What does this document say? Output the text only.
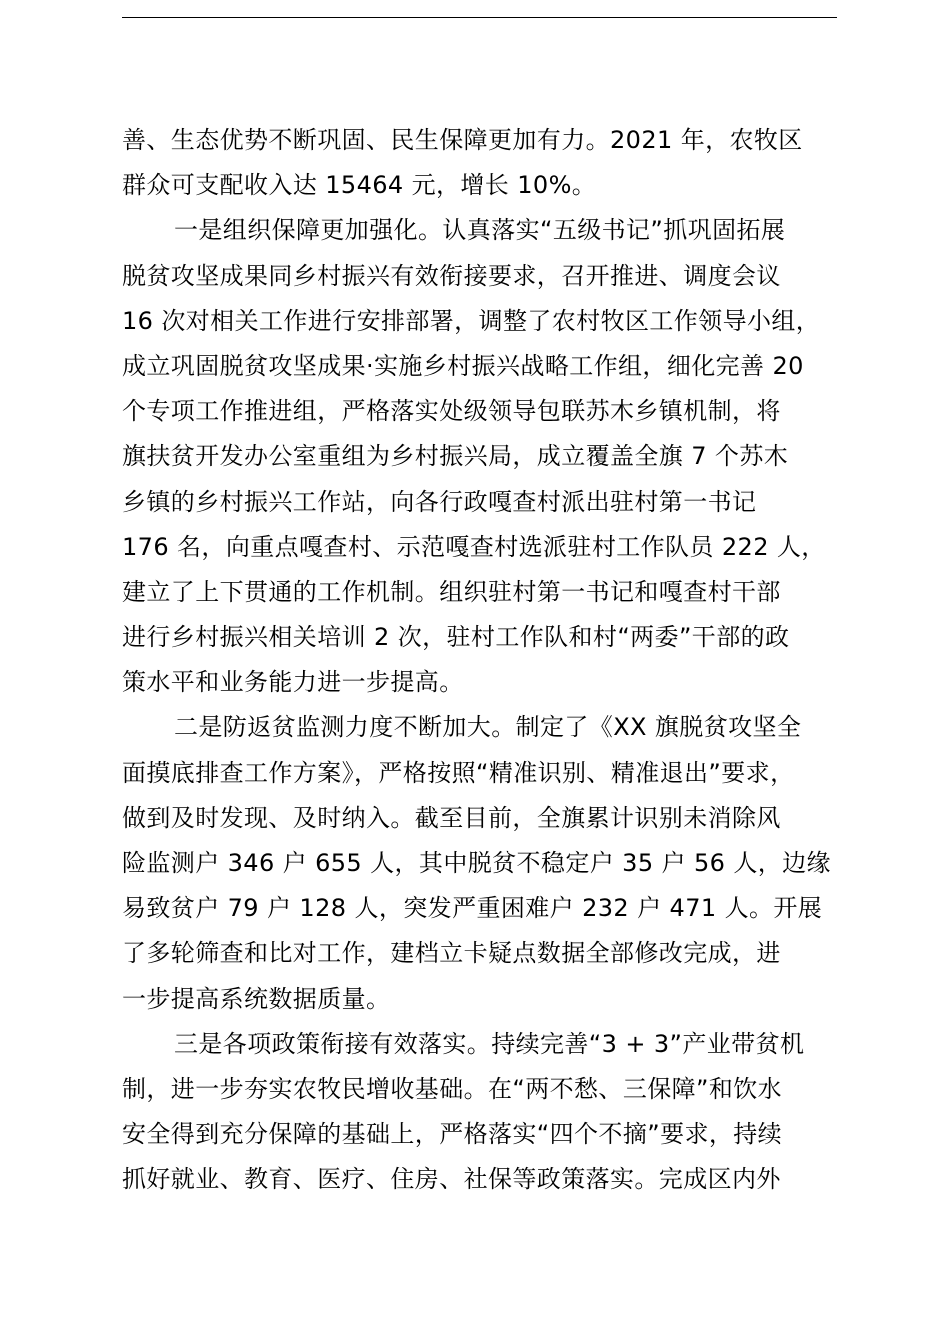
善、生态优势不断巩固、民生保障更加有力。2021 年，农牧区
群众可支配收入达 15464 元，增长 10%。
一是组织保障更加强化。认真落实“五级书记”抓巩固拓展
脱贫攻坚成果同乡村振兴有效衔接要求，召开推进、调度会议
16 次对相关工作进行安排部署，调整了农村牧区工作领导小组，
成立巩固脱贫攻坚成果·实施乡村振兴战略工作组，细化完善 20
个专项工作推进组，严格落实处级领导包联苏木乡镇机制，将
旗扶贫开发办公室重组为乡村振兴局，成立覆盖全旗 7 个苏木
乡镇的乡村振兴工作站，向各行政嘎查村派出驻村第一书记
176 名，向重点嘎查村、示范嘎查村选派驻村工作队员 222 人，
建立了上下贯通的工作机制。组织驻村第一书记和嘎查村干部
进行乡村振兴相关培训 2 次，驻村工作队和村“两委”干部的政
策水平和业务能力进一步提高。
二是防返贫监测力度不断加大。制定了《XX 旗脱贫攻坚全
面摸底排查工作方案》，严格按照“精准识别、精准退出”要求，
做到及时发现、及时纳入。截至目前，全旗累计识别未消除风
险监测户 346 户 655 人，其中脱贫不稳定户 35 户 56 人，边缘
易致贫户 79 户 128 人，突发严重困难户 232 户 471 人。开展
了多轮筛查和比对工作，建档立卡疑点数据全部修改完成，进
一步提高系统数据质量。
三是各项政策衔接有效落实。持续完善“3 + 3”产业带贫机
制，进一步夯实农牧民增收基础。在“两不愁、三保障”和饮水
安全得到充分保障的基础上，严格落实“四个不摘”要求，持续
抓好就业、教育、医疗、住房、社保等政策落实。完成区内外
